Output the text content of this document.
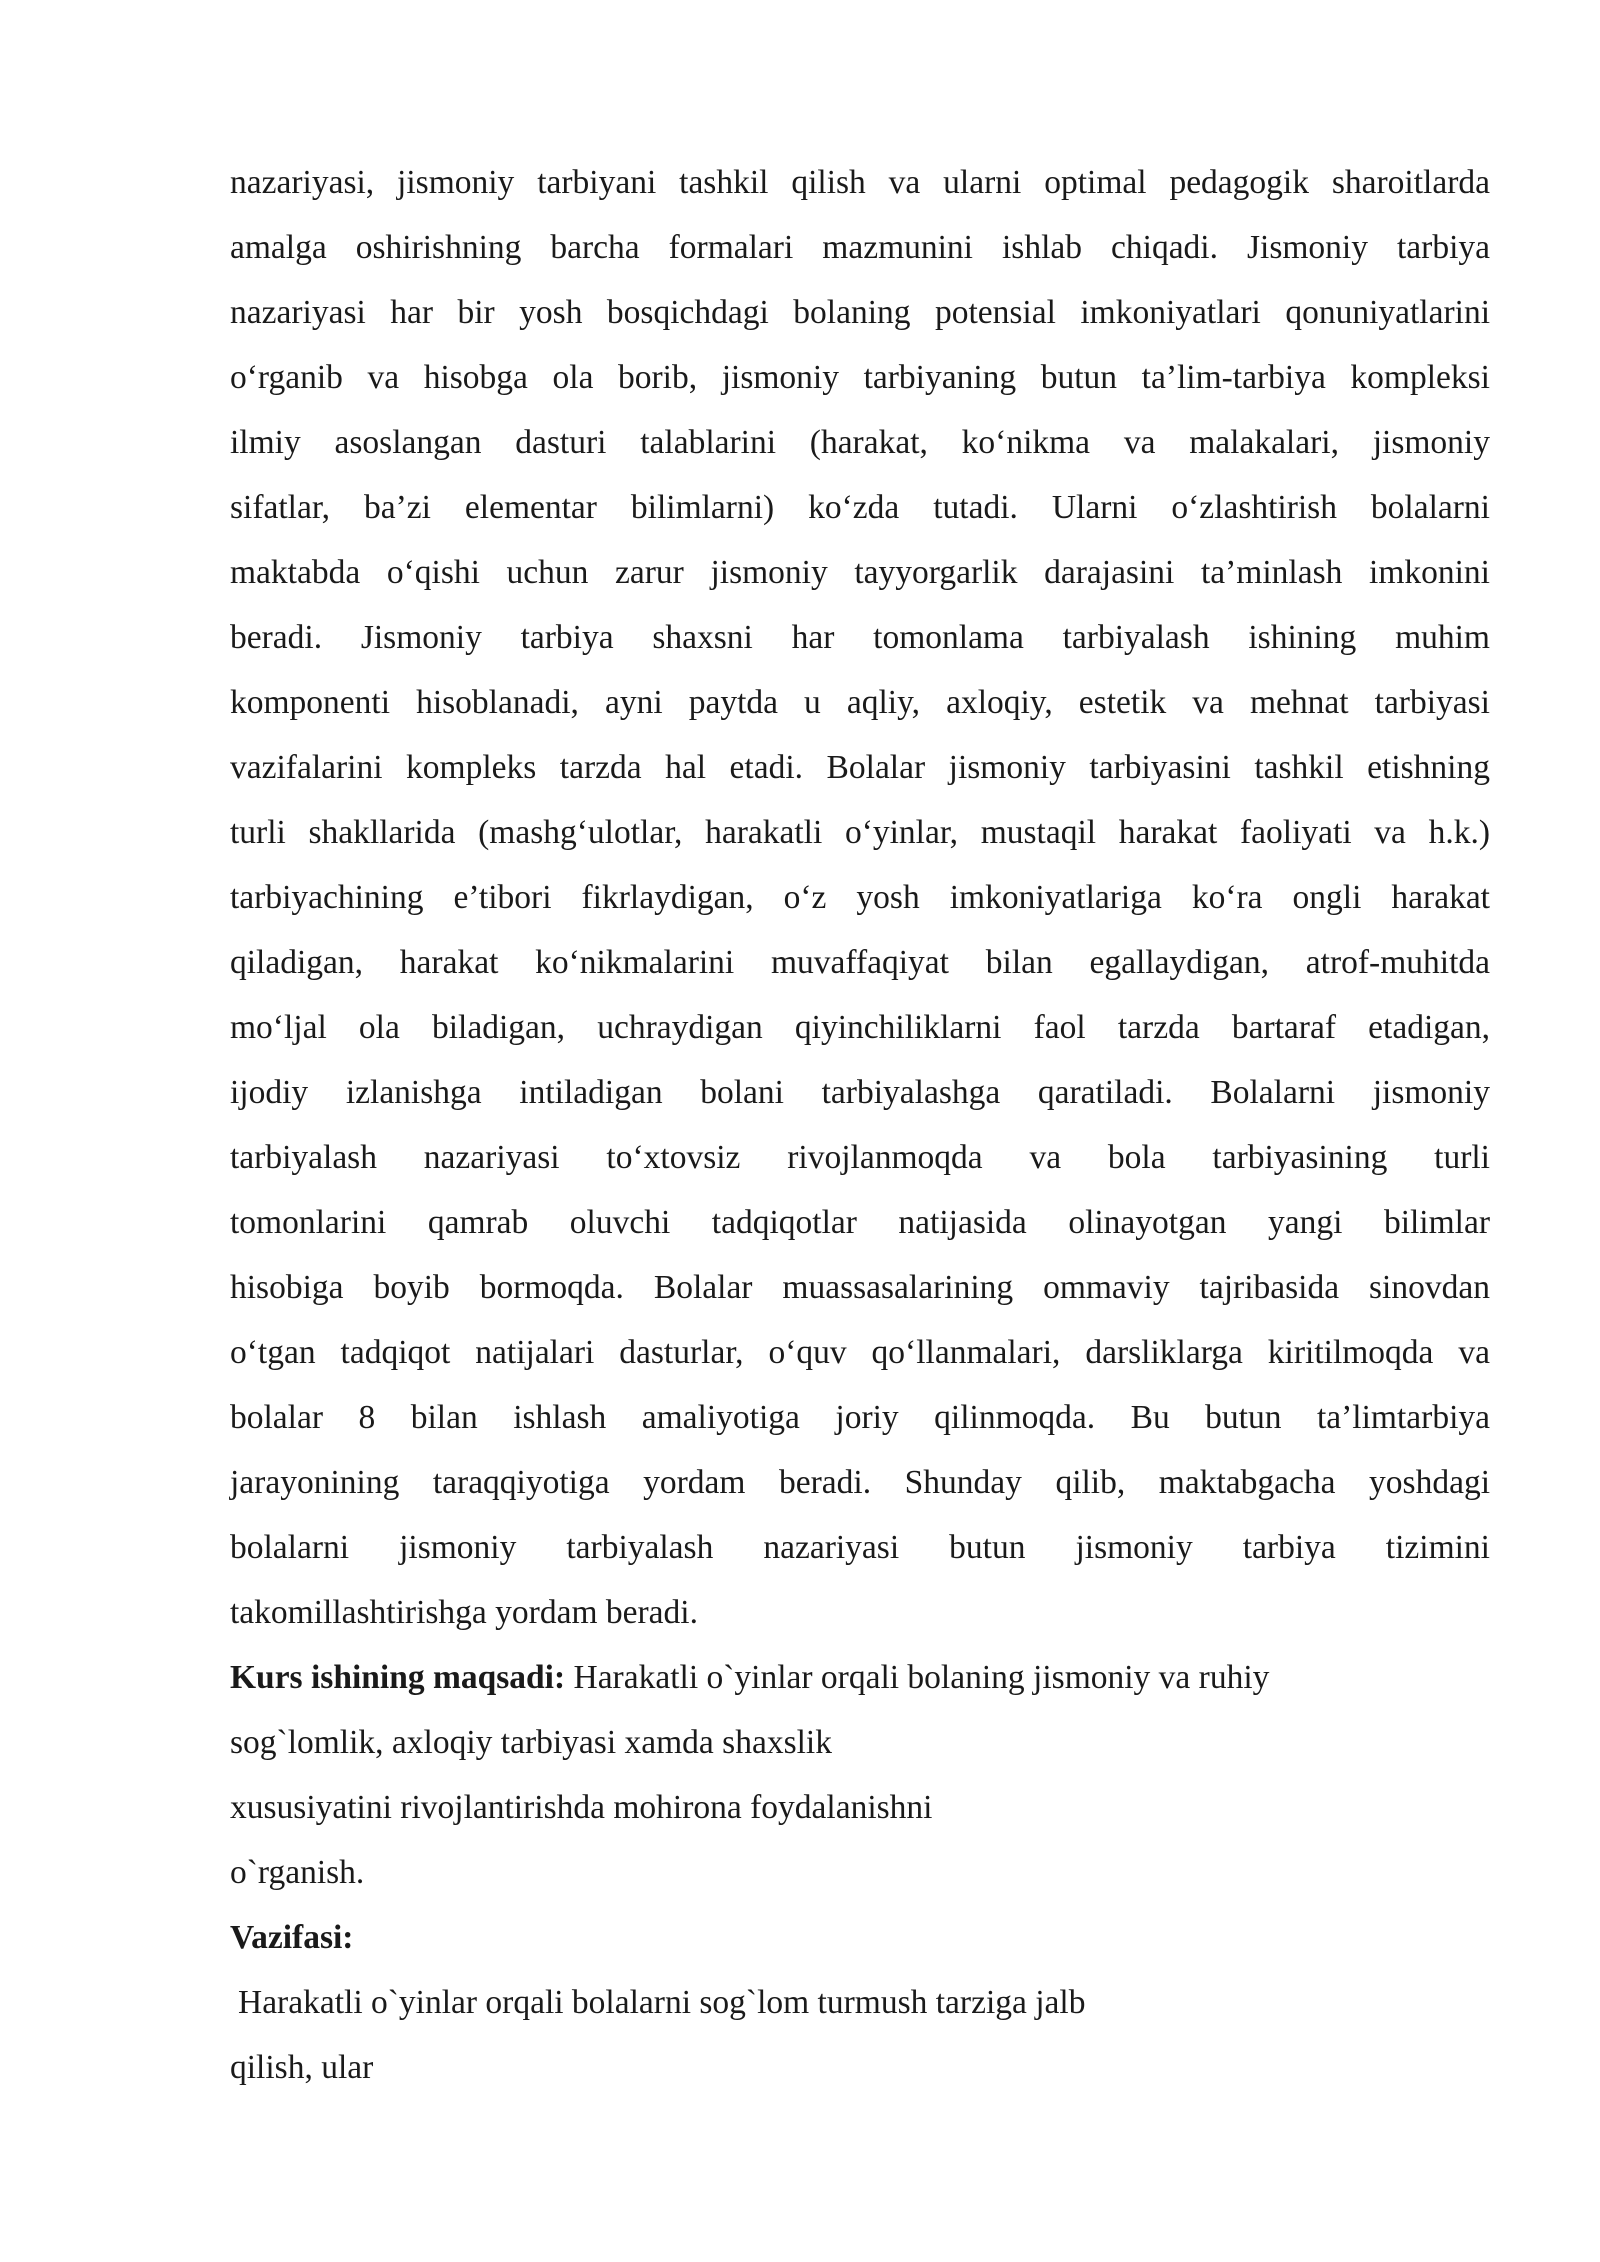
nazariyasi, jismoniy tarbiyani tashkil qilish va ularni optimal pedagogik sharoitlarda
amalga oshirishning barcha formalari mazmunini ishlab chiqadi. Jismoniy tarbiya
nazariyasi har bir yosh bosqichdagi bolaning potensial imkoniyatlari qonuniyatlarini
o‘rganib va hisobga ola borib, jismoniy tarbiyaning butun ta’lim-tarbiya kompleksi
ilmiy asoslangan dasturi talablarini (harakat, ko‘nikma va malakalari, jismoniy
sifatlar, ba’zi elementar bilimlarni) ko‘zda tutadi. Ularni o‘zlashtirish bolalarni
maktabda o‘qishi uchun zarur jismoniy tayyorgarlik darajasini ta’minlash imkonini
beradi. Jismoniy tarbiya shaxsni har tomonlama tarbiyalash ishining muhim
komponenti hisoblanadi, ayni paytda u aqliy, axloqiy, estetik va mehnat tarbiyasi
vazifalarini kompleks tarzda hal etadi. Bolalar jismoniy tarbiyasini tashkil etishning
turli shakllarida (mashg‘ulotlar, harakatli o‘yinlar, mustaqil harakat faoliyati va h.k.)
tarbiyachining e’tibori fikrlaydigan, o‘z yosh imkoniyatlariga ko‘ra ongli harakat
qiladigan, harakat ko‘nikmalarini muvaffaqiyat bilan egallaydigan, atrof-muhitda
mo‘ljal ola biladigan, uchraydigan qiyinchiliklarni faol tarzda bartaraf etadigan,
ijodiy izlanishga intiladigan bolani tarbiyalashga qaratiladi. Bolalarni jismoniy
tarbiyalash nazariyasi to‘xtovsiz rivojlanmoqda va bola tarbiyasining turli
tomonlarini qamrab oluvchi tadqiqotlar natijasida olinayotgan yangi bilimlar
hisobiga boyib bormoqda. Bolalar muassasalarining ommaviy tajribasida sinovdan
o‘tgan tadqiqot natijalari dasturlar, o‘quv qo‘llanmalari, darsliklarga kiritilmoqda va
bolalar 8 bilan ishlash amaliyotiga joriy qilinmoqda. Bu butun ta’limtarbiya
jarayonining taraqqiyotiga yordam beradi. Shunday qilib, maktabgacha yoshdagi
bolalarni jismoniy tarbiyalash nazariyasi butun jismoniy tarbiya tizimini
takomillashtirishga yordam beradi.
Kurs ishining maqsadi: Harakatli o`yinlar orqali bolaning jismoniy va ruhiy
sog`lomlik, axloqiy tarbiyasi xamda shaxslik
xususiyatini rivojlantirishda mohirona foydalanishni
o`rganish.
Vazifasi:
Harakatli o`yinlar orqali bolalarni sog`lom turmush tarziga jalb
qilish, ular
